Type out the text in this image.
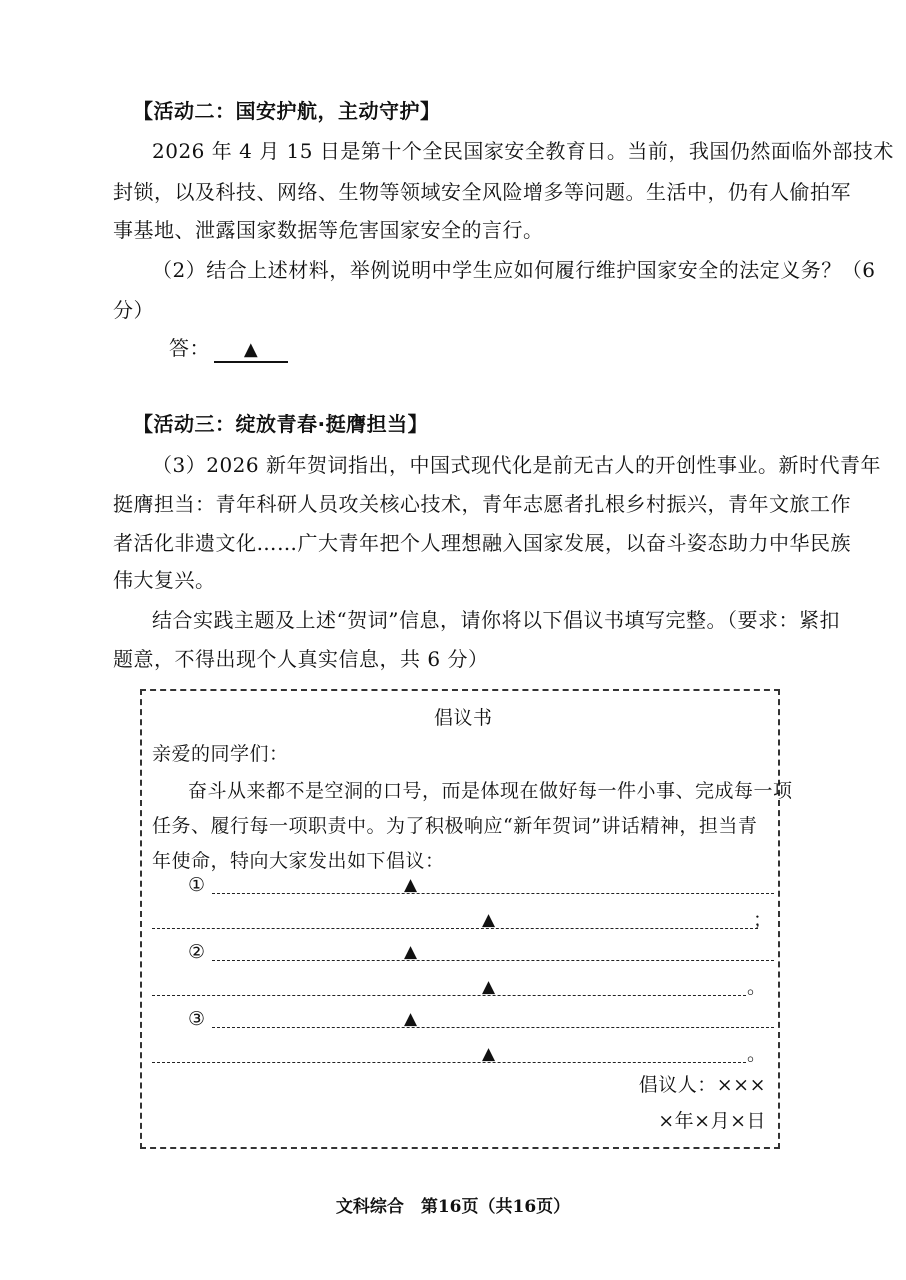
【活动二：国安护航，主动守护】
2026 年 4 月 15 日是第十个全民国家安全教育日。当前，我国仍然面临外部技术
封锁，以及科技、网络、生物等领域安全风险增多等问题。生活中，仍有人偷拍军
事基地、泄露国家数据等危害国家安全的言行。
（2）结合上述材料，举例说明中学生应如何履行维护国家安全的法定义务？（6
分）
答： ▲
【活动三：绽放青春·挺膺担当】
（3）2026 新年贺词指出，中国式现代化是前无古人的开创性事业。新时代青年
挺膺担当：青年科研人员攻关核心技术，青年志愿者扎根乡村振兴，青年文旅工作
者活化非遗文化……广大青年把个人理想融入国家发展，以奋斗姿态助力中华民族
伟大复兴。
结合实践主题及上述“贺词”信息，请你将以下倡议书填写完整。（要求：紧扣
题意，不得出现个人真实信息，共 6 分）
倡议书
亲爱的同学们：
奋斗从来都不是空洞的口号，而是体现在做好每一件小事、完成每一项
任务、履行每一项职责中。为了积极响应“新年贺词”讲话精神，担当青
年使命，特向大家发出如下倡议：
①	▲
▲	；
②	▲
▲	。
③	▲
▲	。
倡议人：×××
×年×月×日
文科综合　第16页（共16页）
